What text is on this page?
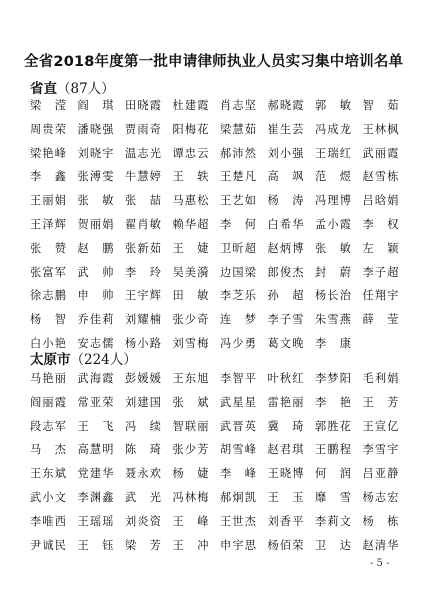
全省2018年度第一批申请律师执业人员实习集中培训名单
省直（87人）
梁 滢 阎 琪 田晓霞 杜建霞 肖志坚 郝晓霞 郭 敏 智 茹
周贵荣 潘晓强 贾雨奇 阳梅花 梁慧茹 崔生芸 冯成龙 王林枫
梁艳峰 刘晓宇 温志光 谭忠云 郝沛然 刘小强 王瑞红 武丽霞
李 鑫 张溥雯 牛慧婷 王 轶 王楚凡 高 飒 范 煜 赵雪栋
王丽娟 张 敏 张 喆 马惠松 王艺如 杨 涛 冯理博 吕晗娟
王泽辉 贺丽娟 翟肖敏 赖华超 李 何 白希华 孟小霞 李 权
张 赞 赵 鹏 张新茹 王 婕 卫昕超 赵炳博 张 敏 左 颖
张富军 武 帅 李 玲 吴美漪 边国梁 郎俊杰 封 蔚 李子超
徐志鹏 申 帅 王宇辉 田 敏 李芝乐 孙 超 杨长治 任翔宇
杨 智 乔佳莉 刘耀楠 张少奇 连 梦 李子雪 朱雪燕 薛 莹
白小艳 安志儒 杨小路 刘雪梅 冯少勇 葛文晚 李 康
太原市（224人）
马艳丽 武海霞 彭媛媛 王东旭 李智平 叶秋红 李梦阳 毛利娟
阎丽霞 常亚荣 刘建国 张 斌 武星星 雷艳丽 李 艳 王 芳
段志军 王 飞 冯 续 智联丽 武晋英 冀 琦 郭胜花 王宣亿
马 杰 高慧明 陈 琦 张少芳 胡雪峰 赵君琪 王鹏程 李雪宇
王东斌 党建华 聂永欢 杨 婕 李 峰 王晓博 何 润 吕亚静
武小文 李渊鑫 武 光 冯林梅 郝炯凯 王 玉 靡 雪 杨志宏
李唯西 王瑶瑶 刘炎资 王 峰 王世杰 刘香平 李莉文 杨 栋
尹诚民 王 钰 梁 芳 王 冲 申宇思 杨佰荣 卫 达 赵清华
- 5 -
